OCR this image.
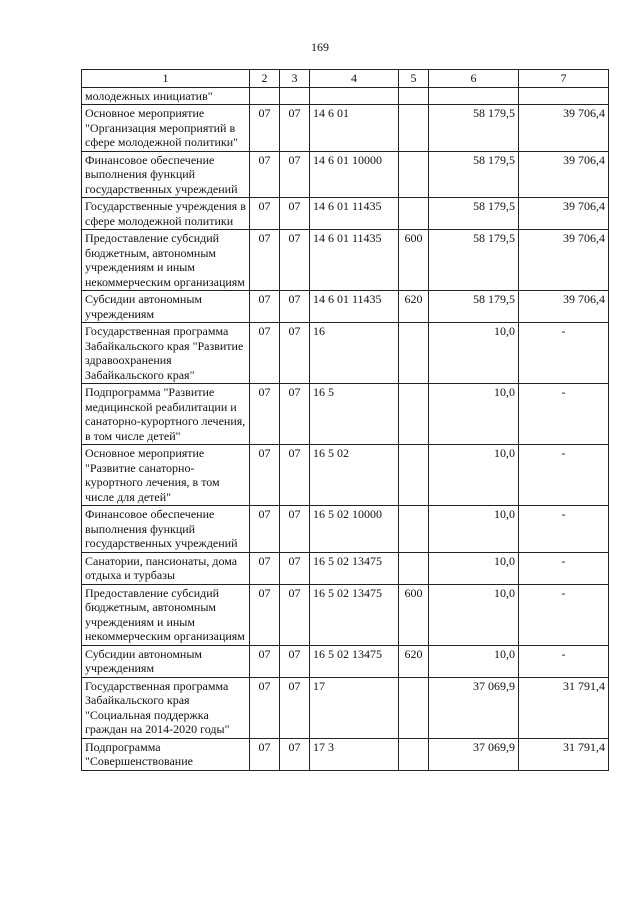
169
1	2	3	4	5	6	7
молодежных инициатив"						
Основное мероприятие "Организация мероприятий в сфере молодежной политики"	07	07	14 6 01		58 179,5	39 706,4
Финансовое обеспечение выполнения функций государственных учреждений	07	07	14 6 01 10000		58 179,5	39 706,4
Государственные учреждения в сфере молодежной политики	07	07	14 6 01 11435		58 179,5	39 706,4
Предоставление субсидий бюджетным, автономным учреждениям и иным некоммерческим организациям	07	07	14 6 01 11435	600	58 179,5	39 706,4
Субсидии автономным учреждениям	07	07	14 6 01 11435	620	58 179,5	39 706,4
Государственная программа Забайкальского края "Развитие здравоохранения Забайкальского края"	07	07	16		10,0	-
Подпрограмма "Развитие медицинской реабилитации и санаторно-курортного лечения, в том числе детей"	07	07	16 5		10,0	-
Основное мероприятие "Развитие санаторно-курортного лечения, в том числе для детей"	07	07	16 5 02		10,0	-
Финансовое обеспечение выполнения функций государственных учреждений	07	07	16 5 02 10000		10,0	-
Санатории, пансионаты, дома отдыха и турбазы	07	07	16 5 02 13475		10,0	-
Предоставление субсидий бюджетным, автономным учреждениям и иным некоммерческим организациям	07	07	16 5 02 13475	600	10,0	-
Субсидии автономным учреждениям	07	07	16 5 02 13475	620	10,0	-
Государственная программа Забайкальского края "Социальная поддержка граждан на 2014-2020 годы"	07	07	17		37 069,9	31 791,4
Подпрограмма "Совершенствование	07	07	17 3		37 069,9	31 791,4
